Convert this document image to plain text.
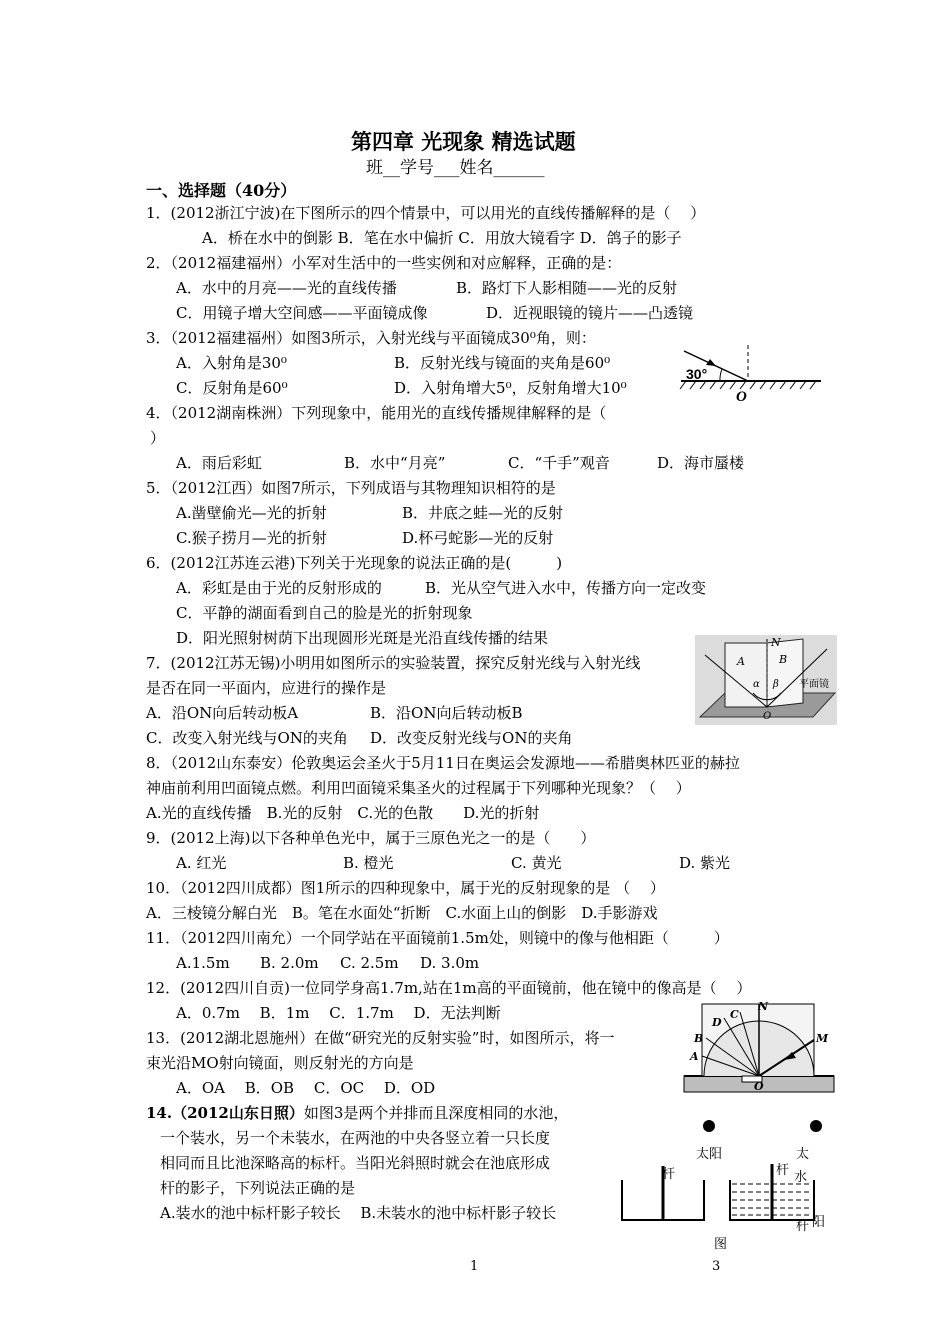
第四章 光现象 精选试题
班__学号___姓名______
一、选择题（40分）
1．(2012浙江宁波)在下图所示的四个情景中，可以用光的直线传播解释的是（　 ）
A．桥在水中的倒影 B．笔在水中偏折 C．用放大镜看字 D．鸽子的影子
2．（2012福建福州）小军对生活中的一些实例和对应解释，正确的是：
A．水中的月亮——光的直线传播	B．路灯下人影相随——光的反射
C．用镜子增大空间感——平面镜成像	D．近视眼镜的镜片——凸透镜
3．（2012福建福州）如图3所示，入射光线与平面镜成30⁰角，则：
A．入射角是30⁰	B．反射光线与镜面的夹角是60⁰
C．反射角是60⁰	D．入射角增大5⁰，反射角增大10⁰
30°
O
4．（2012湖南株洲）下列现象中，能用光的直线传播规律解释的是（
）
A．雨后彩虹	B．水中“月亮”	C．“千手”观音	D．海市蜃楼
5．（2012江西）如图7所示，下列成语与其物理知识相符的是
A.凿壁偷光—光的折射	B．井底之蛙—光的反射
C.猴子捞月—光的折射	D.杯弓蛇影—光的反射
6．(2012江苏连云港)下列关于光现象的说法正确的是(　　　)
A．彩虹是由于光的反射形成的	B．光从空气进入水中，传播方向一定改变
C．平静的湖面看到自己的脸是光的折射现象
D．阳光照射树荫下出现圆形光斑是光沿直线传播的结果
7．(2012江苏无锡)小明用如图所示的实验装置，探究反射光线与入射光线
是否在同一平面内，应进行的操作是
A．沿ON向后转动板A	B．沿ON向后转动板B
C．改变入射光线与ON的夹角 D．改变反射光线与ON的夹角
N
A	B
α β
O
平面镜
8．（2012山东泰安）伦敦奥运会圣火于5月11日在奥运会发源地——希腊奥林匹亚的赫拉
神庙前利用凹面镜点燃。利用凹面镜采集圣火的过程属于下列哪种光现象？（　 ）
A.光的直线传播　B.光的反射　C.光的色散　　D.光的折射
9．(2012上海)以下各种单色光中，属于三原色光之一的是（　　）
A. 红光	B. 橙光	C. 黄光	D. 紫光
10．（2012四川成都）图1所示的四种现象中，属于光的反射现象的是 （　 ）
A．三棱镜分解白光　B。笔在水面处“折断　C.水面上山的倒影　D.手影游戏
11．（2012四川南允）一个同学站在平面镜前1.5m处，则镜中的像与他相距（　　　）
A.1.5m B. 2.0m C. 2.5m D. 3.0m
12．(2012四川自贡)一位同学身高1.7m,站在1m高的平面镜前，他在镜中的像高是（　 ）
A．0.7m　 B．1m　 C．1.7m　 D．无法判断
13．(2012湖北恩施州）在做“研究光的反射实验”时，如图所示，将一
束光沿MO射向镜面，则反射光的方向是
A．OA　 B．OB　 C．OC　 D．OD
N
C
D
B
A
M
O
14.（2012山东日照）如图3是两个并排而且深度相同的水池，
一个装水，另一个未装水，在两池的中央各竖立着一只长度
相同而且比池深略高的标杆。当阳光斜照时就会在池底形成
杆的影子，下列说法正确的是
A.装水的池中标杆影子较长　 B.未装水的池中标杆影子较长
太阳	太
杆	杆 水
杆
图
阳
1	3
